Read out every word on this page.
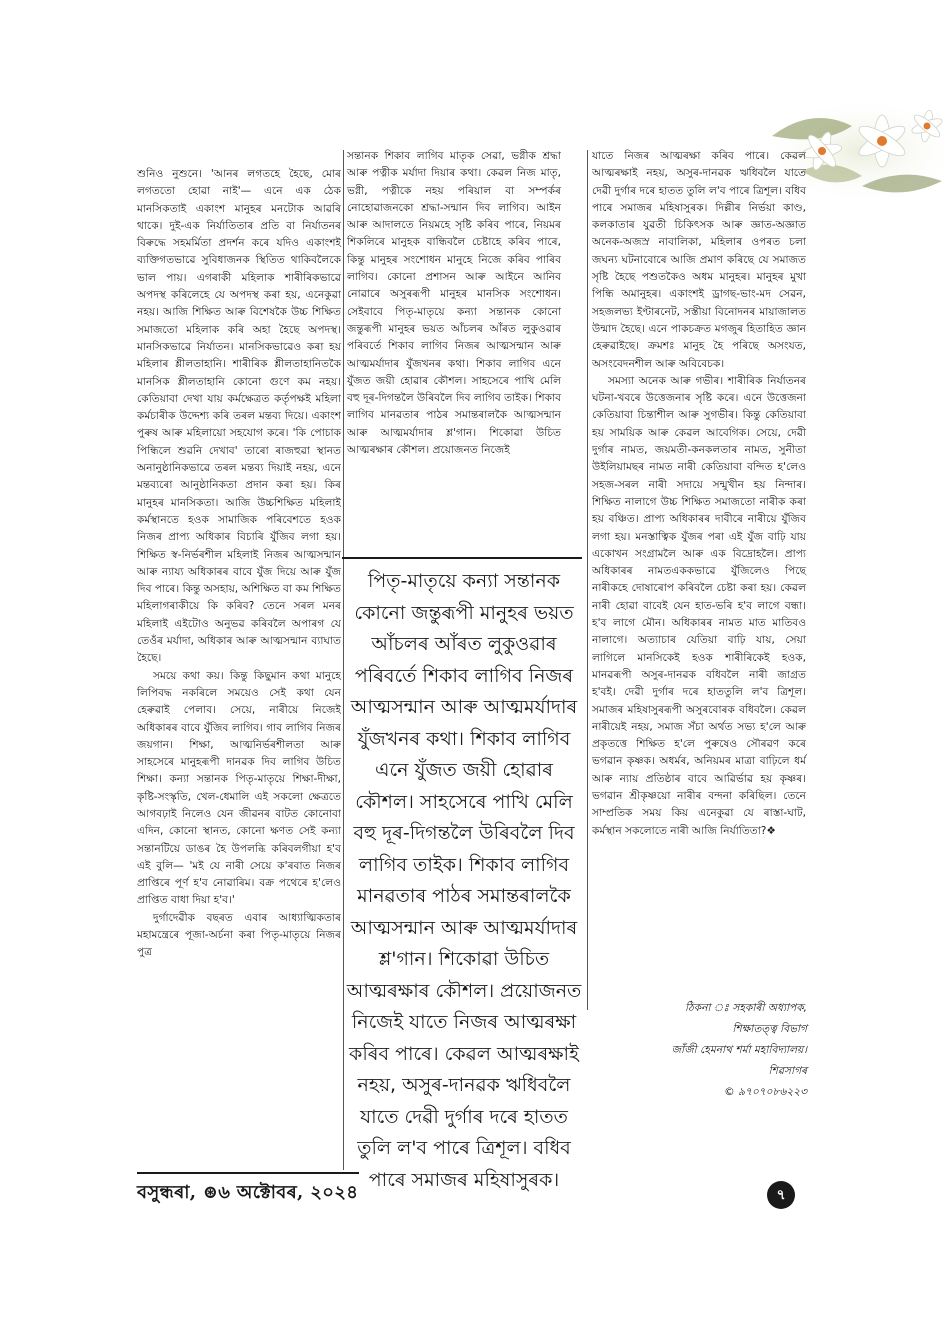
শুনিও নুশুনে। 'আনৰ লগতহে হৈছে, মোৰ লগততো হোৱা নাই'— এনে এক ঠেক মানসিকতাই একাংশ মানুহৰ মনটোক আৱৰি থাকে। দুই-এক নিৰ্যাতিতাৰ প্ৰতি বা নিৰ্যাতনৰ বিৰুদ্ধে সহমৰ্মিতা প্ৰদৰ্শন কৰে যদিও একাংশই ব্যক্তিগতভাৱে সুবিধাজনক স্থিতিত থাকিবলৈকে ভাল পায়। এগৰাকী মহিলাক শাৰীৰিকভাৱে অপদস্থ কৰিলেহে যে অপদস্থ কৰা হয়, এনেকুৱা নহয়। আজি শিক্ষিত আৰু বিশেষকৈ উচ্চ শিক্ষিত সমাজতো মহিলাক কৰি অহা হৈছে অপদস্থ। মানসিকভাৱে নিৰ্যাতন। মানসিকভাৱেও কৰা হয় মহিলাৰ শ্লীলতাহানি। শাৰীৰিক শ্লীলতাহানিতকৈ মানসিক শ্লীলতাহানি কোনো গুণে কম নহয়। কেতিয়াবা দেখা যায় কৰ্মক্ষেত্ৰত কৰ্তৃপক্ষই মহিলা কৰ্মচাৰীক উদ্দেশ্য কৰি তৰল মন্তব্য দিয়ে। একাংশ পুৰুষ আৰু মহিলায়ো সহযোগ কৰে। 'কি পোচাক পিন্ধিলে শুৱনি দেখাব' তাৰো ৰাজহুৱা স্থানত অনানুষ্ঠানিকভাৱে তৰল মন্তব্য দিয়াই নহয়, এনে মন্তব্যৰো আনুষ্ঠানিকতা প্ৰদান কৰা হয়। কিৰ মানুহৰ মানসিকতা। আজি উচ্চশিক্ষিত মহিলাই কৰ্মস্থানতে হওক সামাজিক পৰিবেশতে হওক নিজৰ প্ৰাপ্য অধিকাৰ বিচাৰি যুঁজিব লগা হয়। শিক্ষিত স্ব-নিৰ্ভৰশীল মহিলাই নিজৰ আত্মসন্মান আৰু ন্যায্য অধিকাৰৰ বাবে যুঁজ দিয়ে আৰু যুঁজ দিব পাৰে। কিন্তু অসহায়, অশিক্ষিত বা কম শিক্ষিত মহিলাগৰাকীয়ে কি কৰিব? তেনে সৰল মনৰ মহিলাই এইটোও অনুভৱ কৰিবলৈ অপাৰগ যে তেওঁৰ মৰ্যাদা, অধিকাৰ আৰু আত্মসন্মান ব্যাঘাত হৈছে।

সময়ে কথা কয়। কিন্তু কিছুমান কথা মানুহে লিপিবদ্ধ নকৰিলে সময়েও সেই কথা যেন হেৰুৱাই পেলাব। সেয়ে, নাৰীয়ে নিজেই অধিকাৰৰ বাবে যুঁজিব লাগিব। গাব লাগিব নিজৰ জয়গান। শিক্ষা, আত্মনিৰ্ভৰশীলতা আৰু সাহসেৰে মানুহৰূপী দানৱক দিব লাগিব উচিত শিক্ষা। কন্যা সন্তানক পিতৃ-মাতৃয়ে শিক্ষা-দীক্ষা, কৃষ্টি-সংস্কৃতি, খেল-ধেমালি এই সকলো ক্ষেত্ৰতে আগবঢ়াই নিলেও যেন জীৱনৰ বাটত কোনোবা এদিন, কোনো স্থানত, কোনো ক্ষণত সেই কন্যা সন্তানটিয়ে ডাঙৰ হৈ উপলব্ধি কৰিবলগীয়া হ'ব এই বুলি— 'মই যে নাৰী সেয়ে ক'ৰবাত নিজৰ প্ৰাপ্তিৰে পূৰ্ণ হ'ব নোৱাৰিম। বক্ৰ পথেৰে হ'লেও প্ৰাপ্তিত বাধা দিয়া হ'ব।'

দুৰ্গাদেৱীক বছৰত এবাৰ আধ্যাত্মিকতাৰ মহামন্ত্ৰেৰে পূজা-অৰ্চনা কৰা পিতৃ-মাতৃয়ে নিজৰ পুত্ৰ

সন্তানক শিকাব লাগিব মাতৃক সেৱা, ভগ্নীক শ্ৰদ্ধা আৰু পত্নীক মৰ্যাদা দিয়াৰ কথা। কেৱল নিজ মাতৃ, ভগ্নী, পত্নীকে নহয় পৰিয়াল বা সম্পৰ্কৰ নোহোৱাজনকো শ্ৰদ্ধা-সন্মান দিব লাগিব। আইন আৰু আদালতে নিয়মহে সৃষ্টি কৰিব পাৰে, নিয়মৰ শিকলিৰে মানুহক বান্ধিবলৈ চেষ্টাহে কৰিব পাৰে, কিন্তু মানুহৰ সংশোধন মানুহে নিজে কৰিব পাৰিব লাগিব। কোনো প্ৰশাসন আৰু আইনে আনিব নোৱাৰে অসুৰৰূপী মানুহৰ মানসিক সংশোধন। সেইবাবে পিতৃ-মাতৃয়ে কন্যা সন্তানক কোনো জন্তুৰূপী মানুহৰ ভয়ত আঁচলৰ আঁৰত লুকুওৱাৰ পৰিবৰ্তে শিকাব লাগিব নিজৰ আত্মসন্মান আৰু আত্মমৰ্যাদাৰ যুঁজখনৰ কথা। শিকাব লাগিব এনে যুঁজত জয়ী হোৱাৰ কৌশল। সাহসেৰে পাখি মেলি বহু দূৰ-দিগন্তলৈ উৰিবলৈ দিব লাগিব তাইক। শিকাব লাগিব মানৱতাৰ পাঠৰ সমান্তৰালকৈ আত্মসন্মান আৰু আত্মমৰ্যাদাৰ শ্ল'গান। শিকোৱা উচিত আত্মৰক্ষাৰ কৌশল। প্ৰয়োজনত নিজেই

পিতৃ-মাতৃয়ে কন্যা সন্তানক কোনো জন্তুৰূপী মানুহৰ ভয়ত আঁচলৰ আঁৰত লুকুওৱাৰ পৰিবৰ্তে শিকাব লাগিব নিজৰ আত্মসন্মান আৰু আত্মমৰ্যাদাৰ যুঁজখনৰ কথা। শিকাব লাগিব এনে যুঁজত জয়ী হোৱাৰ কৌশল। সাহসেৰে পাখি মেলি বহু দূৰ-দিগন্তলৈ উৰিবলৈ দিব লাগিব তাইক। শিকাব লাগিব মানৱতাৰ পাঠৰ সমান্তৰালকৈ আত্মসন্মান আৰু আত্মমৰ্যাদাৰ শ্ল'গান। শিকোৱা উচিত আত্মৰক্ষাৰ কৌশল। প্ৰয়োজনত নিজেই যাতে নিজৰ আত্মৰক্ষা কৰিব পাৰে। কেৱল আত্মৰক্ষাই নহয়, অসুৰ-দানৱক ঋধিবলৈ যাতে দেৱী দুৰ্গাৰ দৰে হাতত তুলি ল'ব পাৰে ত্ৰিশূল। বধিব পাৰে সমাজৰ মহিষাসুৰক।

যাতে নিজৰ আত্মৰক্ষা কৰিব পাৰে। কেৱল আত্মৰক্ষাই নহয়, অসুৰ-দানৱক ঋধিবলৈ যাতে দেৱী দুৰ্গাৰ দৰে হাতত তুলি ল'ব পাৰে ত্ৰিশূল। বধিব পাৰে সমাজৰ মহিষাসুৰক। দিল্লীৰ নিৰ্ভয়া কাণ্ড, কলকাতাৰ যুৱতী চিকিৎসক আৰু জ্ঞাত-অজ্ঞাত অনেক-অজস্ৰ নাবালিকা, মহিলাৰ ওপৰত চলা জঘন্য ঘটনাবোৰে আজি প্ৰমাণ কৰিছে যে সমাজত সৃষ্টি হৈছে পশুতকৈও অধম মানুহৰ। মানুহৰ মুখা পিন্ধি অমানুহৰ। একাংশই ড্ৰাগছ-ভাং-মদ সেৱন, সহজলভ্য ইণ্টাৰনেট, সস্তীয়া বিনোদনৰ মায়াজালত উন্মাদ হৈছে। এনে পাকচক্ৰত মগজুৰ হিতাহিত জ্ঞান হেৰুৱাইছে। ক্ৰমশঃ মানুহ হৈ পৰিছে অসংযত, অসংবেদনশীল আৰু অবিবেচক।

সমস্যা অনেক আৰু গভীৰ। শাৰীৰিক নিৰ্যাতনৰ ঘটনা-খবৰে উত্তেজনাৰ সৃষ্টি কৰে। এনে উত্তেজনা কেতিয়াবা চিন্তাশীল আৰু সুগভীৰ। কিন্তু কেতিয়াবা হয় সাময়িক আৰু কেৱল আবেগিক। সেয়ে, দেৱী দুৰ্গাৰ নামত, জয়মতী-কনকলতাৰ নামত, সুনীতা উইলিয়ামছৰ নামত নাৰী কেতিয়াবা বন্দিত হ'লেও সহজ-সৰল নাৰী সদায়ে সন্মুখীন হয় নিন্দাৰ। শিক্ষিত নালাগে উচ্চ শিক্ষিত সমাজতো নাৰীক কৰা হয় বঞ্চিত। প্ৰাপ্য অধিকাৰৰ দাবীৰে নাৰীয়ে যুঁজিব লগা হয়। মনস্তাত্বিক যুঁজৰ পৰা এই যুঁজ বাঢ়ি যায় একোখন সংগ্ৰামলৈ আৰু এক বিদ্ৰোহলৈ। প্ৰাপ্য অধিকাৰৰ নামতএককভাৱে যুঁজিলেও পিছে নাৰীকহে দোষাৰোপ কৰিবলৈ চেষ্টা কৰা হয়। কেৱল নাৰী হোৱা বাবেই যেন হাত-ভৰি হ'ব লাগে বন্ধা। হ'ব লাগে মৌন। অধিকাৰৰ নামত মাত মাতিবও নালাগে। অত্যাচাৰ যেতিয়া বাঢ়ি যায়, সেয়া লাগিলে মানসিকেই হওক শাৰীৰিকেই হওক, মানৱৰূপী অসুৰ-দানৱক বধিবলৈ নাৰী জাগ্ৰত হ'বই। দেৱী দুৰ্গাৰ দৰে হাততুলি ল'ব ত্ৰিশূল। সমাজৰ মহিষাসুৰৰূপী অসুৰবোৰক বধিবলৈ। কেৱল নাৰীয়েই নহয়, সমাজ সঁচা অৰ্থত সভ্য হ'লে আৰু প্ৰকৃতত্তে শিক্ষিত হ'লে পুৰুষেও সৌৰৱণ কৰে ভগৱান কৃষ্ণক। অধৰ্মৰ, অনিয়মৰ মাত্ৰা বাঢ়িলে ধৰ্ম আৰু ন্যায় প্ৰতিষ্ঠাৰ বাবে আৱিৰ্ভাৱ হয় কৃষ্ণৰ। ভগৱান শ্ৰীকৃষ্ণয়ো নাৰীৰ বন্দনা কৰিছিল। তেনে সাম্প্ৰতিক সময় কিয় এনেকুৱা যে ৰাস্তা-ঘাট, কৰ্মস্থান সকলোতে নাৰী আজি নিৰ্যাতিতা?❖

ঠিকনা ঃ সহকাৰী অধ্যাপক,
শিক্ষাতত্ত্ব বিভাগ
জাঁজী হেমনাথ শৰ্মা মহাবিদ্যালয়।
শিৱসাগৰ
© ৯৭০৭০৮৬২২৩
বসুন্ধৰা, ⊛৬ অক্টোবৰ, ২০২৪	৭
